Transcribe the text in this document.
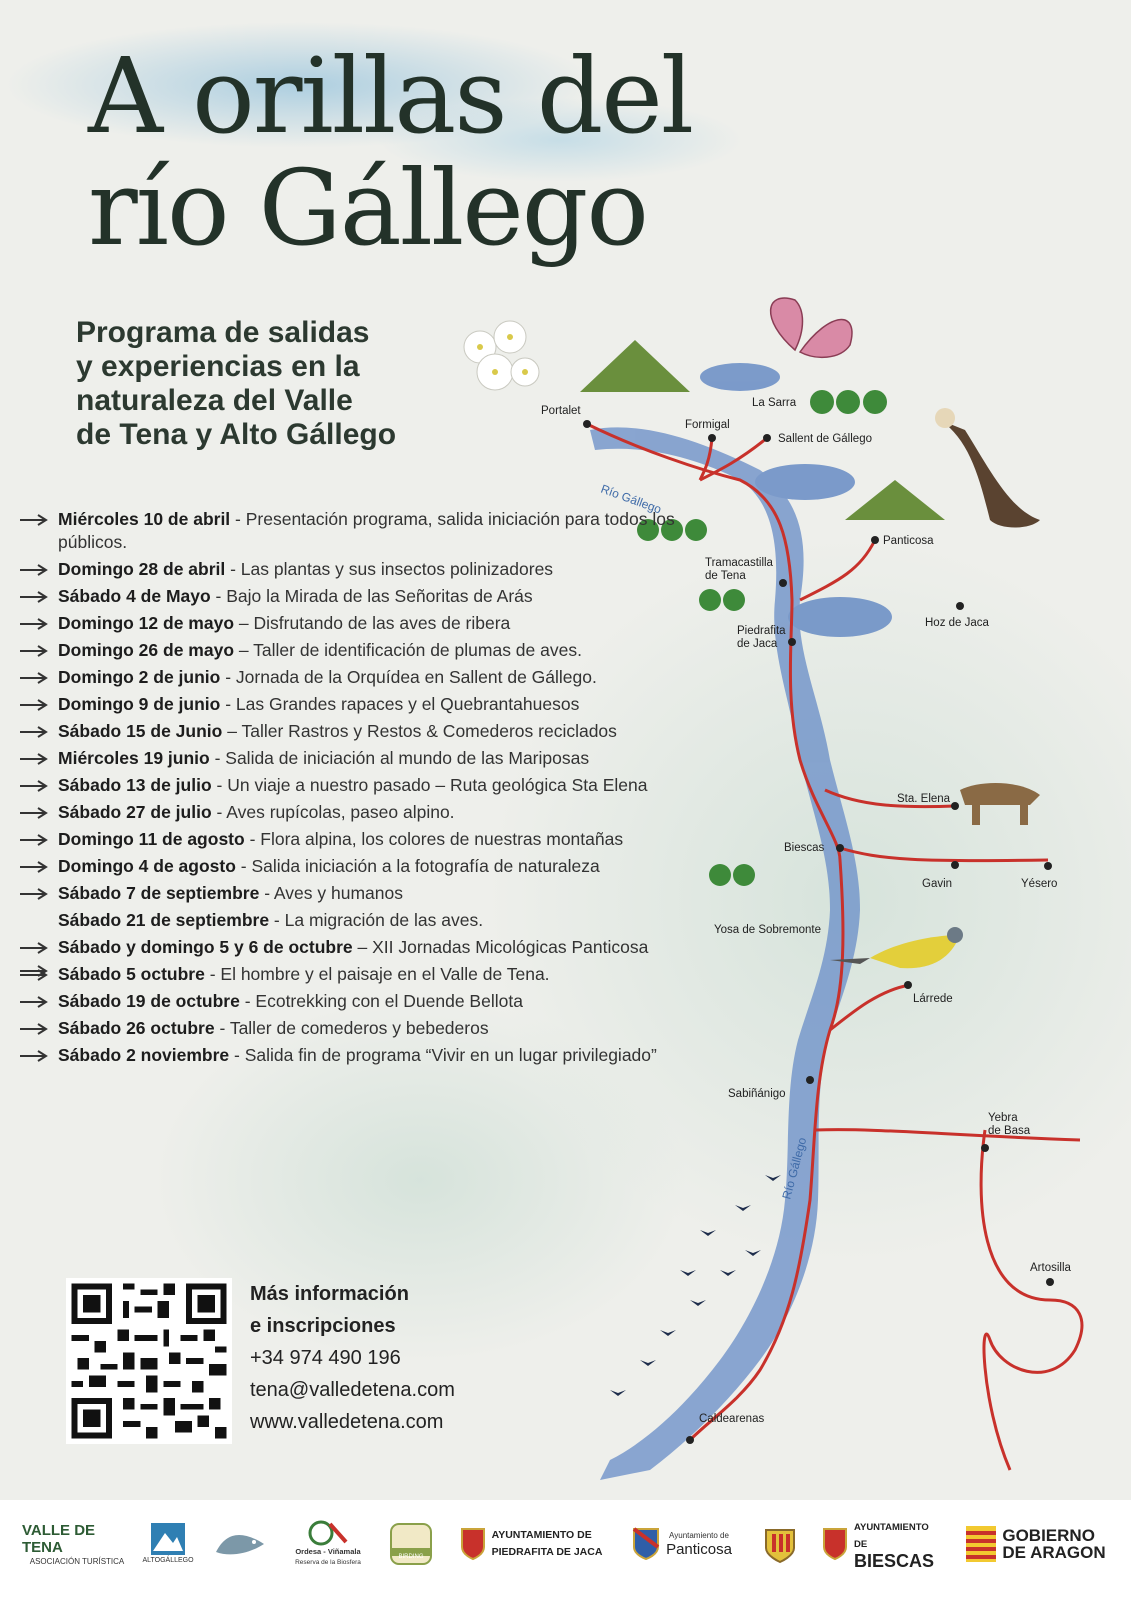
A orillas del
río Gállego
Programa de salidas
y experiencias en la
naturaleza del Valle
de Tena y Alto Gállego
Río Gállego
Río Gállego
Portalet
Formigal
La Sarra
Sallent de Gállego
Panticosa
Tramacastilla
de Tena
Hoz de Jaca
Piedrafita
de Jaca
Sta. Elena
Biescas
Gavin	Yésero
Yosa de Sobremonte
Lárrede
Sabiñánigo
Yebra
de Basa
Artosilla
Caldearenas
Miércoles 10 de abril - Presentación programa, salida iniciación para todos los públicos.
Domingo 28 de abril - Las plantas y sus insectos polinizadores
Sábado 4 de Mayo - Bajo la Mirada de las Señoritas de Arás
Domingo 12 de mayo – Disfrutando de las aves de ribera
Domingo 26 de mayo – Taller de identificación de plumas de aves.
Domingo 2 de junio - Jornada de la Orquídea en Sallent de Gállego.
Domingo 9 de junio - Las Grandes rapaces y el Quebrantahuesos
Sábado 15 de Junio – Taller Rastros y Restos & Comederos reciclados
Miércoles 19 junio - Salida de iniciación al mundo de las Mariposas
Sábado 13 de julio - Un viaje a nuestro pasado – Ruta geológica Sta Elena
Sábado 27 de julio - Aves rupícolas, paseo alpino.
Domingo 11 de agosto - Flora alpina, los colores de nuestras montañas
Domingo 4 de agosto - Salida iniciación a la fotografía de naturaleza
Sábado 7 de septiembre - Aves y humanos
Sábado 21 de septiembre - La migración de las aves.
Sábado y domingo 5 y 6 de octubre – XII Jornadas Micológicas Panticosa
Sábado 5 octubre - El hombre y el paisaje en el Valle de Tena.
Sábado 19 de octubre - Ecotrekking con el Duende Bellota
Sábado 26 octubre - Taller de comederos y bebederos
Sábado 2 noviembre - Salida fin de programa “Vivir en un lugar privilegiado”
Más información
e inscripciones
+34 974 490 196
tena@valledetena.com
www.valledetena.com
VALLE DE TENA
ASOCIACIÓN TURÍSTICA	ALTOGÁLLEGO
Ordesa - Viñamala
Reserva de la Biosfera
BIRDING
AYUNTAMIENTO DE
PIEDRAFITA DE JACA
Ayuntamiento de
Panticosa
AYUNTAMIENTO DE
BIESCAS
GOBIERNO
DE ARAGON
